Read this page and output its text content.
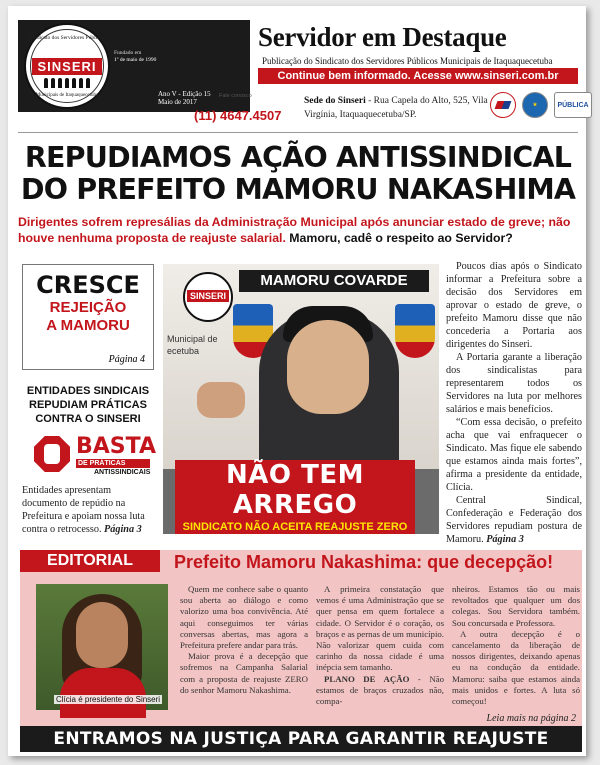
Sindicato dos Servidores Públicos
SINSERI
Municipais de Itaquaquecetuba
Fundado em
1º de maio de 1990
Ano V - Edição 15
Maio de 2017
Servidor em Destaque
Publicação do Sindicato dos Servidores Públicos Municipais de Itaquaquecetuba
Continue bem informado. Acesse www.sinseri.com.br
Fale conosco
(11) 4647.4507
Sede do Sinseri - Rua Capela do Alto, 525, Vila Virgínia, Itaquaquecetuba/SP.
★	PÚBLICA
REPUDIAMOS AÇÃO ANTISSINDICAL
DO PREFEITO MAMORU NAKASHIMA
Dirigentes sofrem represálias da Administração Municipal após anunciar estado de greve; não houve nenhuma proposta de reajuste salarial. Mamoru, cadê o respeito ao Servidor?
CRESCE
REJEIÇÃO
A MAMORU
Página 4
ENTIDADES SINDICAIS
REPUDIAM PRÁTICAS
CONTRA O SINSERI
BASTA
DE PRÁTICAS
ANTISSINDICAIS
Entidades apresentam documento de repúdio na Prefeitura e apoiam nossa luta contra o retrocesso. Página 3
Municipal de
ecetuba
SINSERI
MAMORU COVARDE
NÃO TEM ARREGO
SINDICATO NÃO ACEITA REAJUSTE ZERO
PREFEITO PERSEGUE DIRETORIA

Poucos dias após o Sindicato informar a Prefeitura sobre a decisão dos Servidores em aprovar o estado de greve, o prefeito Mamoru disse que não concederia a Portaria aos dirigentes do Sinseri.

A Portaria garante a liberação dos sindicalistas para representarem todos os Servidores na luta por melhores salários e mais benefícios.

“Com essa decisão, o prefeito acha que vai enfraquecer o Sindicato. Mas fique ele sabendo que estamos ainda mais fortes”, afirma a presidente da entidade, Clícia.

Central Sindical, Confederação e Federação dos Servidores repudiam postura de Mamoru. Página 3

EDITORIAL	Prefeito Mamoru Nakashima: que decepção!
Clícia é presidente do Sinseri

Quem me conhece sabe o quanto sou aberta ao diálogo e como valorizo uma boa convivência. Até aqui conseguimos ter várias conversas abertas, mas agora a Prefeitura prefere andar para trás.

Maior prova é a decepção que sofremos na Campanha Salarial com a proposta de reajuste ZERO do senhor Mamoru Nakashima.

A primeira constatação que vemos é uma Administração que se quer pensa em quem fortalece a cidade. O Servidor é o coração, os braços e as pernas de um município. Não valorizar quem cuida com carinho da nossa cidade é uma inépcia sem tamanho.

PLANO DE AÇÃO - Não estamos de braços cruzados não, compa-

nheiros. Estamos tão ou mais revoltados que qualquer um dos colegas. Sou Servidora também. Sou concursada e Professora.

A outra decepção é o cancelamento da liberação de nossos dirigentes, deixando apenas eu na condução da entidade. Mamoru: saiba que estamos ainda mais unidos e fortes. A luta só começou!

Leia mais na página 2
ENTRAMOS NA JUSTIÇA PARA GARANTIR REAJUSTE
